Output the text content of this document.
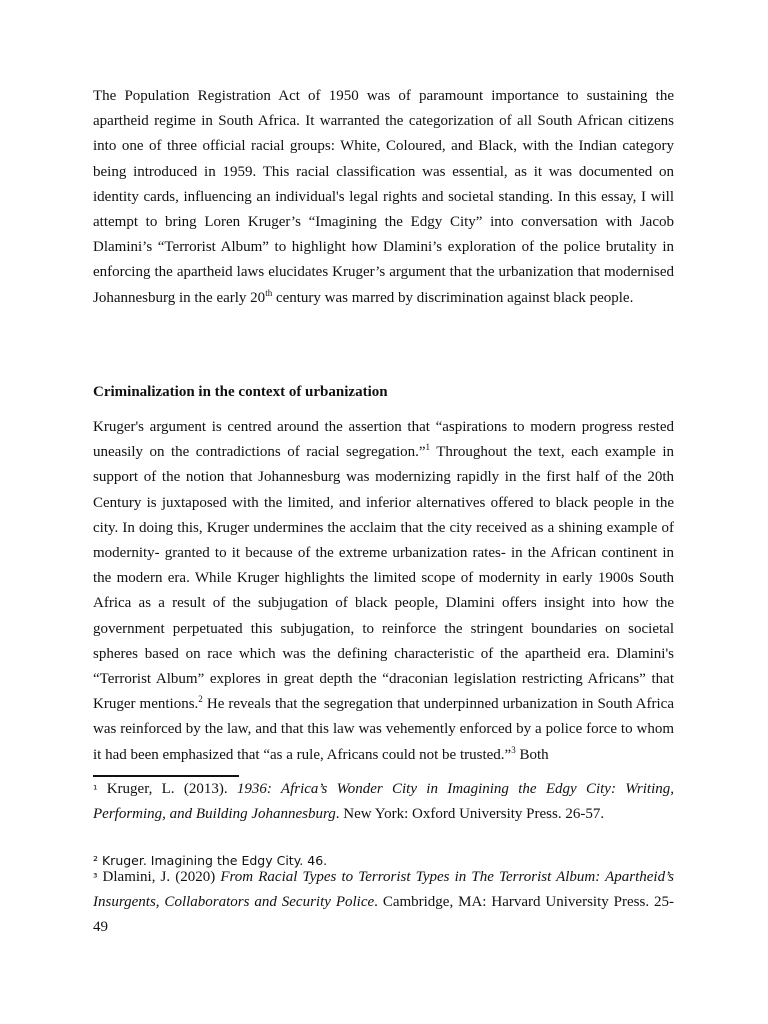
The Population Registration Act of 1950 was of paramount importance to sustaining the apartheid regime in South Africa. It warranted the categorization of all South African citizens into one of three official racial groups: White, Coloured, and Black, with the Indian category being introduced in 1959. This racial classification was essential, as it was documented on identity cards, influencing an individual's legal rights and societal standing. In this essay, I will attempt to bring Loren Kruger’s “Imagining the Edgy City” into conversation with Jacob Dlamini’s “Terrorist Album” to highlight how Dlamini’s exploration of the police brutality in enforcing the apartheid laws elucidates Kruger’s argument that the urbanization that modernised Johannesburg in the early 20th century was marred by discrimination against black people.

Criminalization in the context of urbanization

Kruger's argument is centred around the assertion that “aspirations to modern progress rested uneasily on the contradictions of racial segregation.”$^1$ Throughout the text, each example in support of the notion that Johannesburg was modernizing rapidly in the first half of the 20th Century is juxtaposed with the limited, and inferior alternatives offered to black people in the city. In doing this, Kruger undermines the acclaim that the city received as a shining example of modernity- granted to it because of the extreme urbanization rates- in the African continent in the modern era. While Kruger highlights the limited scope of modernity in early 1900s South Africa as a result of the subjugation of black people, Dlamini offers insight into how the government perpetuated this subjugation, to reinforce the stringent boundaries on societal spheres based on race which was the defining characteristic of the apartheid era. Dlamini's “Terrorist Album” explores in great depth the “draconian legislation restricting Africans” that Kruger mentions.$^2$ He reveals that the segregation that underpinned urbanization in South Africa was reinforced by the law, and that this law was vehemently enforced by a police force to whom it had been emphasized that “as a rule, Africans could not be trusted.”$^3$ Both

¹ Kruger, L. (2013). 1936: Africa’s Wonder City in Imagining the Edgy City: Writing, Performing, and Building Johannesburg. New York: Oxford University Press. 26-57.

² Kruger. Imagining the Edgy City. 46.

³ Dlamini, J. (2020) From Racial Types to Terrorist Types in The Terrorist Album: Apartheid’s Insurgents, Collaborators and Security Police. Cambridge, MA: Harvard University Press. 25-49
